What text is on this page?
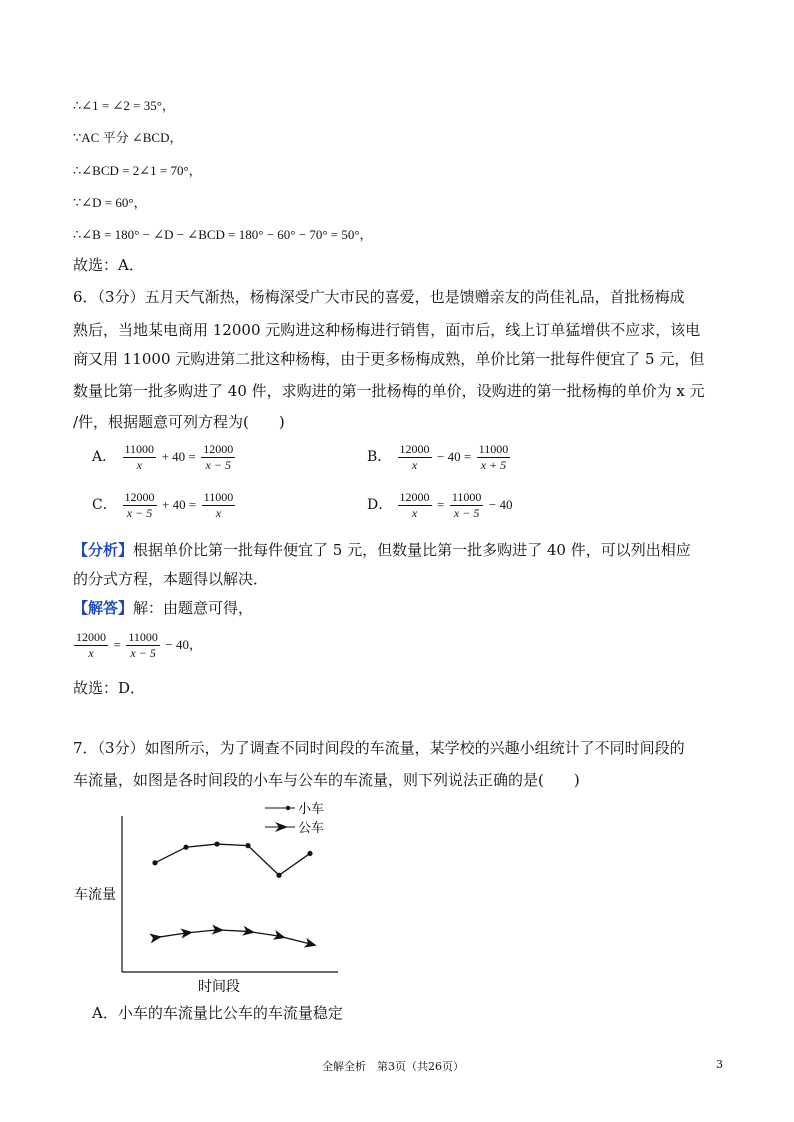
∴∠1 = ∠2 = 35°，
∵AC 平分 ∠BCD，
∴∠BCD = 2∠1 = 70°，
∵∠D = 60°，
∴∠B = 180° − ∠D − ∠BCD = 180° − 60° − 70° = 50°，
故选：A．
6．（3分）五月天气渐热，杨梅深受广大市民的喜爱，也是馈赠亲友的尚佳礼品，首批杨梅成
熟后，当地某电商用 12000 元购进这种杨梅进行销售，面市后，线上订单猛增供不应求，该电
商又用 11000 元购进第二批这种杨梅，由于更多杨梅成熟，单价比第一批每件便宜了 5 元，但
数量比第一批多购进了 40 件，求购进的第一批杨梅的单价，设购进的第一批杨梅的单价为 x 元
/件，根据题意可列方程为(　　)
A． $\frac{11000}{x} + 40 = \frac{12000}{x - 5}$	B． $\frac{12000}{x} - 40 = \frac{11000}{x + 5}$
C． $\frac{12000}{x - 5} + 40 = \frac{11000}{x}$	D． $\frac{12000}{x} = \frac{11000}{x - 5} - 40$
【分析】根据单价比第一批每件便宜了 5 元，但数量比第一批多购进了 40 件，可以列出相应
的分式方程，本题得以解决．
【解答】解：由题意可得，
$\frac{12000}{x} = \frac{11000}{x - 5} - 40$，
故选：D．
7．（3分）如图所示，为了调查不同时间段的车流量，某学校的兴趣小组统计了不同时间段的
车流量，如图是各时间段的小车与公车的车流量，则下列说法正确的是(　　)
车流量
时间段
小车
公车
A．小车的车流量比公车的车流量稳定
全解全析　第3页（共26页）	3
